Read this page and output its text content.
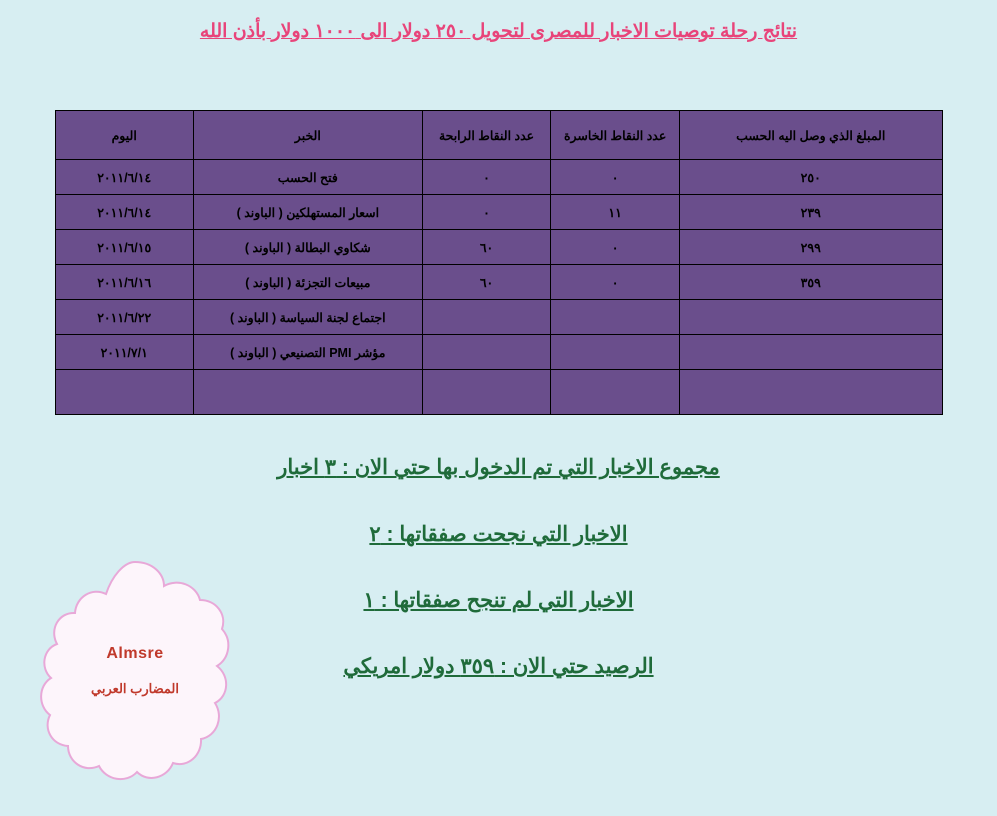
نتائج رحلة توصيات الاخبار للمصرى لتحويل ٢٥٠ دولار الى ١٠٠٠ دولار بأذن الله
المبلغ الذي وصل اليه الحسب	عدد النقاط الخاسرة	عدد النقاط الرابحة	الخبر	اليوم
٢٥٠	٠	٠	فتح الحسب	٢٠١١/٦/١٤
٢٣٩	١١	٠	اسعار المستهلكين ( الباوند )	٢٠١١/٦/١٤
٢٩٩	٠	٦٠	شكاوي البطالة ( الباوند )	٢٠١١/٦/١٥
٣٥٩	٠	٦٠	مبيعات التجزئة ( الباوند )	٢٠١١/٦/١٦
			اجتماع لجنة السياسة ( الباوند )	٢٠١١/٦/٢٢
			مؤشر PMI التصنيعي ( الباوند )	٢٠١١/٧/١

مجموع الاخبار التي تم الدخول بها حتي الان : ٣ اخبار

الاخبار التي نجحت صفقاتها : ٢

الاخبار التي لم تنجح صفقاتها : ١

الرصيد حتي الان : ٣٥٩ دولار امريكي

Almsre
المضارب العربي
